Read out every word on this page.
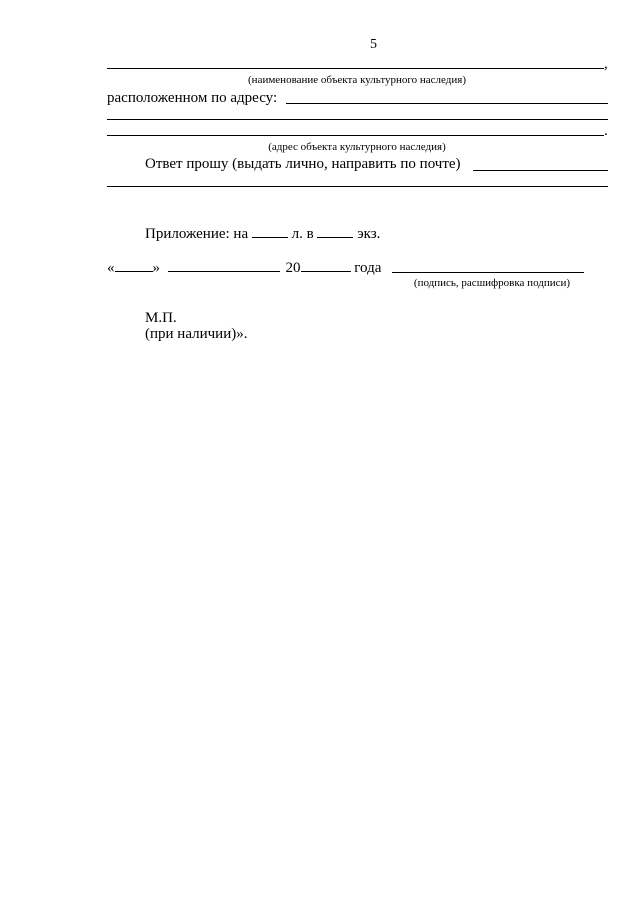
5
,
(наименование объекта культурного наследия)
расположенном по адресу:
.
(адрес объекта культурного наследия)
Ответ прошу (выдать лично, направить по почте)
Приложение: на	л. в	экз.
«	»	20	года
(подпись, расшифровка подписи)
М.П.
(при наличии)».
